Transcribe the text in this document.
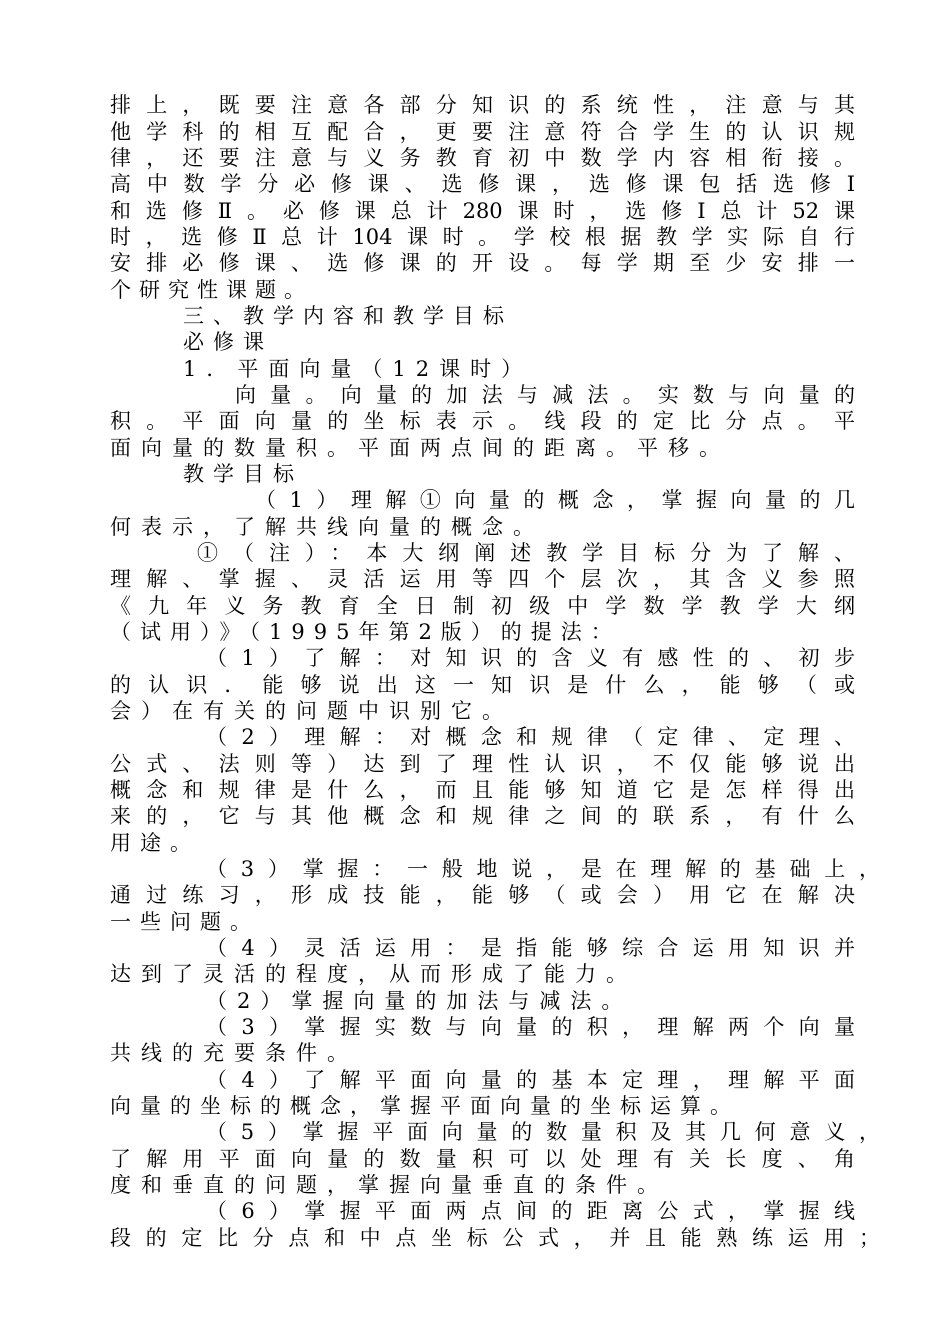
排上，既要注意各部分知识的系统性，注意与其
他学科的相互配合，更要注意符合学生的认识规
律，还要注意与义务教育初中数学内容相衔接。
高中数学分必修课、选修课，选修课包括选修Ⅰ
和选修Ⅱ。必修课总计280课时，选修Ⅰ总计52课
时，选修Ⅱ总计104课时。学校根据教学实际自行
安排必修课、选修课的开设。每学期至少安排一
个研究性课题。
三、教学内容和教学目标
必修课
1．平面向量（12课时）
向量。向量的加法与减法。实数与向量的
积。平面向量的坐标表示。线段的定比分点。平
面向量的数量积。平面两点间的距离。平移。
教学目标
（1）理解①向量的概念，掌握向量的几
何表示，了解共线向量的概念。
①（注）：本大纲阐述教学目标分为了解、
理解、掌握、灵活运用等四个层次，其含义参照
《九年义务教育全日制初级中学数学教学大纲
（试用）》（1995年第2版）的提法：
（1）了解：对知识的含义有感性的、初步
的认识．能够说出这一知识是什么，能够（或
会）在有关的问题中识别它。
（2）理解：对概念和规律（定律、定理、
公式、法则等）达到了理性认识，不仅能够说出
概念和规律是什么，而且能够知道它是怎样得出
来的，它与其他概念和规律之间的联系，有什么
用途。
（3）掌握：一般地说，是在理解的基础上，
通过练习，形成技能，能够（或会）用它在解决
一些问题。
（4）灵活运用：是指能够综合运用知识并
达到了灵活的程度，从而形成了能力。
（2）掌握向量的加法与减法。
（3）掌握实数与向量的积，理解两个向量
共线的充要条件。
（4）了解平面向量的基本定理，理解平面
向量的坐标的概念，掌握平面向量的坐标运算。
（5）掌握平面向量的数量积及其几何意义，
了解用平面向量的数量积可以处理有关长度、角
度和垂直的问题，掌握向量垂直的条件。
（6）掌握平面两点间的距离公式，掌握线
段的定比分点和中点坐标公式，并且能熟练运用；
